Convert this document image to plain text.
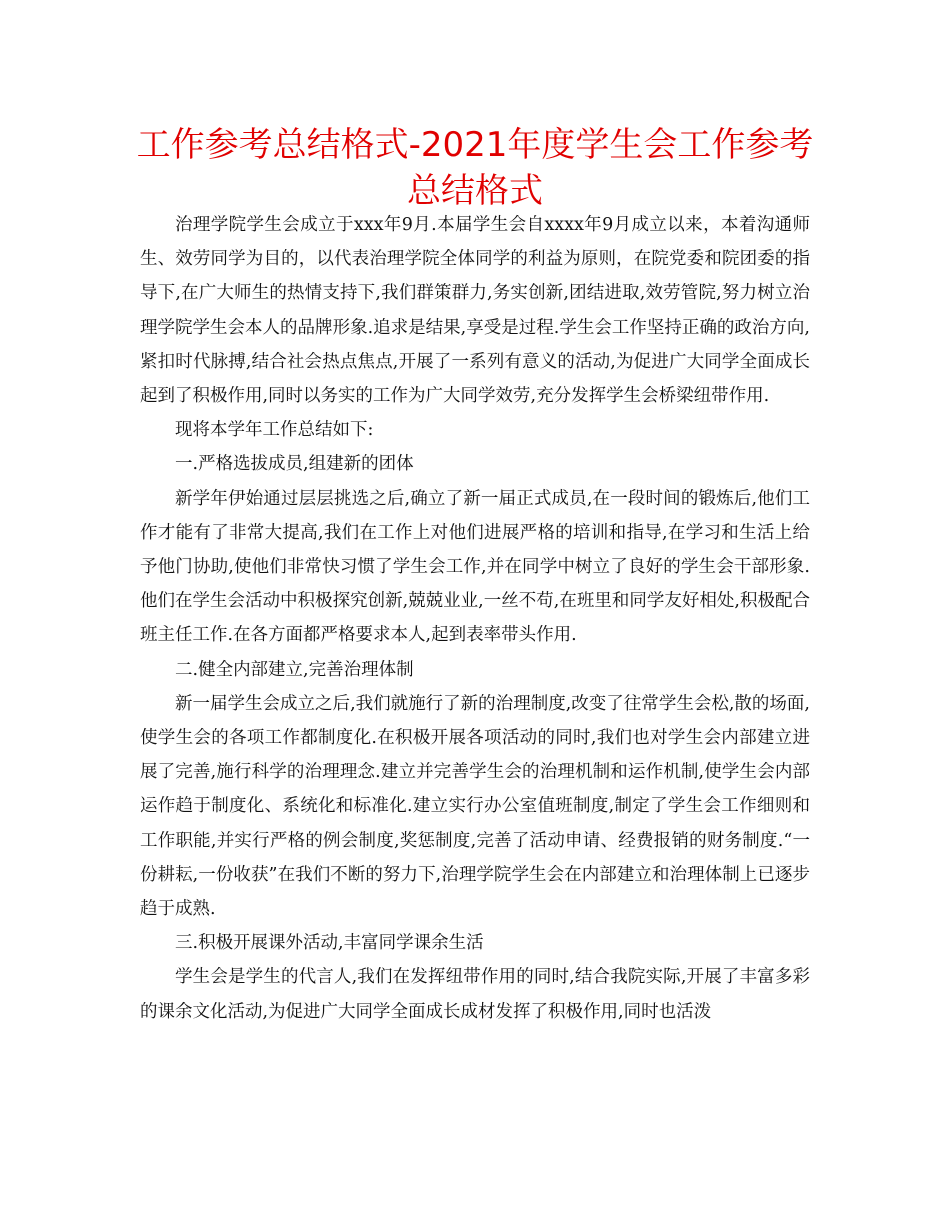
工作参考总结格式-2021年度学生会工作参考总结格式

治理学院学生会成立于xxx年9月.本届学生会自xxxx年9月成立以来，本着沟通师生、效劳同学为目的，以代表治理学院全体同学的利益为原则，在院党委和院团委的指导下,在广大师生的热情支持下,我们群策群力,务实创新,团结进取,效劳管院,努力树立治理学院学生会本人的品牌形象.追求是结果,享受是过程.学生会工作坚持正确的政治方向,紧扣时代脉搏,结合社会热点焦点,开展了一系列有意义的活动,为促进广大同学全面成长起到了积极作用,同时以务实的工作为广大同学效劳,充分发挥学生会桥梁纽带作用.

现将本学年工作总结如下:

一.严格选拔成员,组建新的团体

新学年伊始通过层层挑选之后,确立了新一届正式成员,在一段时间的锻炼后,他们工作才能有了非常大提高,我们在工作上对他们进展严格的培训和指导,在学习和生活上给予他门协助,使他们非常快习惯了学生会工作,并在同学中树立了良好的学生会干部形象.他们在学生会活动中积极探究创新,兢兢业业,一丝不苟,在班里和同学友好相处,积极配合班主任工作.在各方面都严格要求本人,起到表率带头作用.

二.健全内部建立,完善治理体制

新一届学生会成立之后,我们就施行了新的治理制度,改变了往常学生会松,散的场面,使学生会的各项工作都制度化.在积极开展各项活动的同时,我们也对学生会内部建立进展了完善,施行科学的治理理念.建立并完善学生会的治理机制和运作机制,使学生会内部运作趋于制度化、系统化和标准化.建立实行办公室值班制度,制定了学生会工作细则和工作职能,并实行严格的例会制度,奖惩制度,完善了活动申请、经费报销的财务制度.“一份耕耘,一份收获”在我们不断的努力下,治理学院学生会在内部建立和治理体制上已逐步趋于成熟.

三.积极开展课外活动,丰富同学课余生活

学生会是学生的代言人,我们在发挥纽带作用的同时,结合我院实际,开展了丰富多彩的课余文化活动,为促进广大同学全面成长成材发挥了积极作用,同时也活泼
